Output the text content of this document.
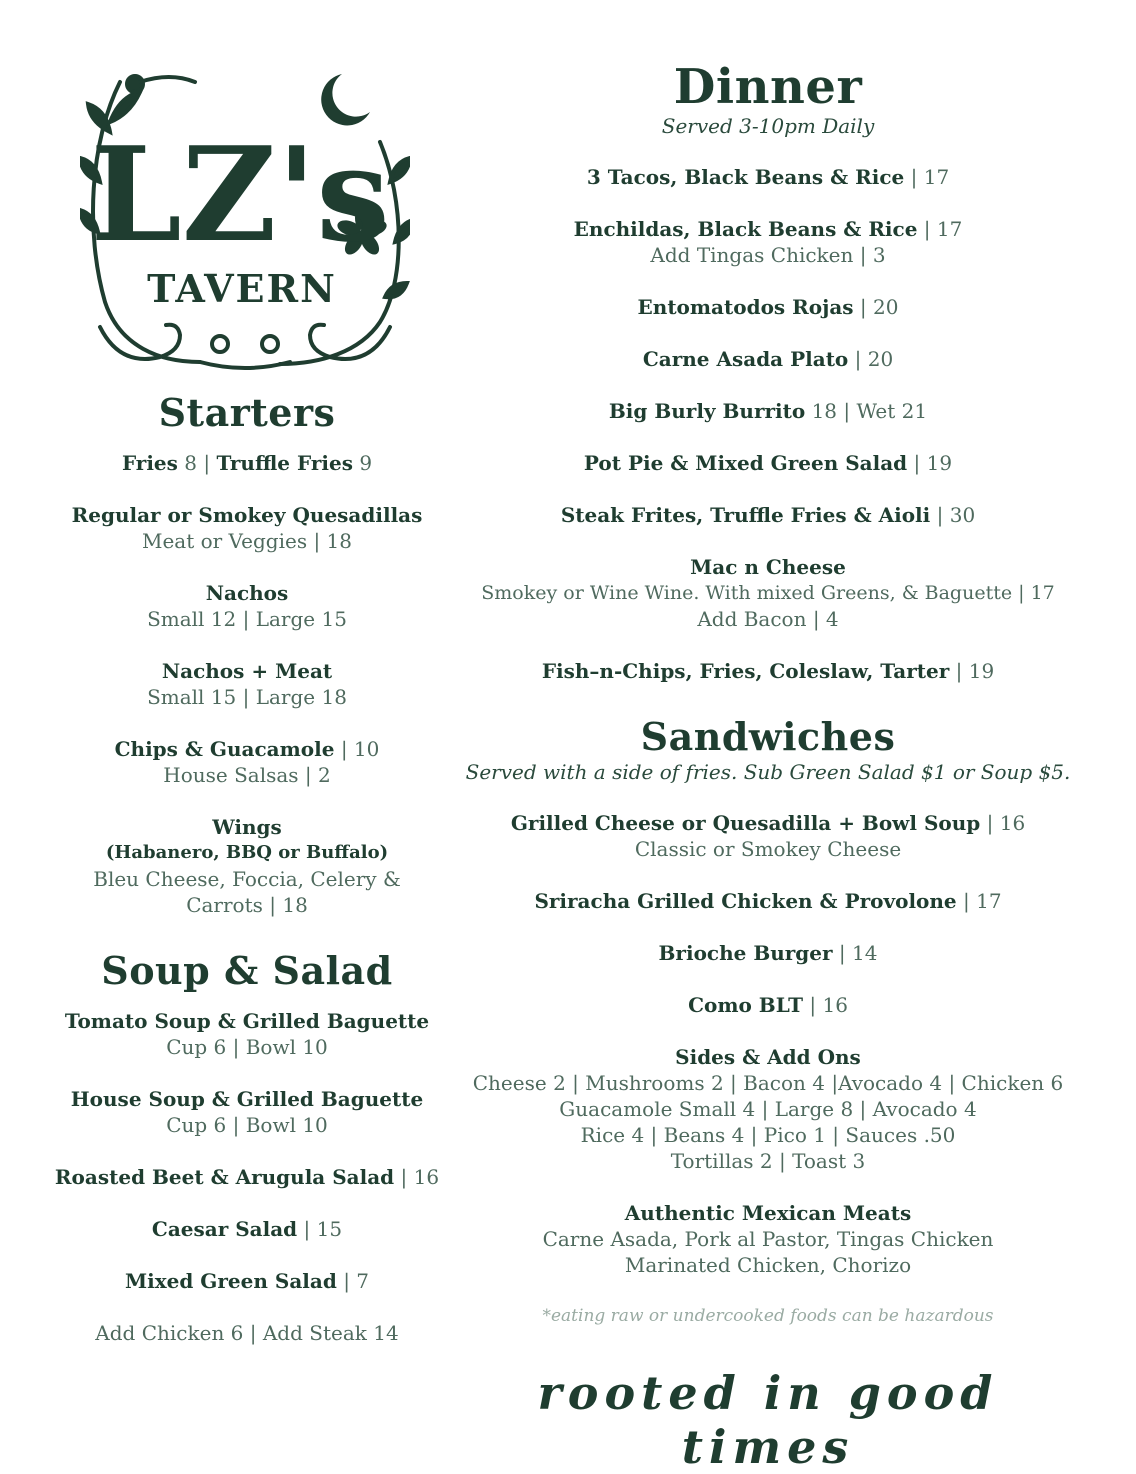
LZ's
TAVERN
Starters
Fries 8 | Truffle Fries 9
Regular or Smokey Quesadillas
Meat or Veggies | 18
Nachos
Small 12 | Large 15
Nachos + Meat
Small 15 | Large 18
Chips & Guacamole | 10
House Salsas | 2
Wings
(Habanero, BBQ or Buffalo)
Bleu Cheese, Foccia, Celery &
Carrots | 18
Soup & Salad
Tomato Soup & Grilled Baguette
Cup 6 | Bowl 10
House Soup & Grilled Baguette
Cup 6 | Bowl 10
Roasted Beet & Arugula Salad | 16
Caesar Salad | 15
Mixed Green Salad | 7
Add Chicken 6 | Add Steak 14
Dinner
Served 3-10pm Daily
3 Tacos, Black Beans & Rice | 17
Enchildas, Black Beans & Rice | 17
Add Tingas Chicken | 3
Entomatodos Rojas | 20
Carne Asada Plato | 20
Big Burly Burrito 18 | Wet 21
Pot Pie & Mixed Green Salad | 19
Steak Frites, Truffle Fries & Aioli | 30
Mac n Cheese
Smokey or Wine Wine. With mixed Greens, & Baguette | 17
Add Bacon | 4
Fish–n-Chips, Fries, Coleslaw, Tarter | 19
Sandwiches
Served with a side of fries. Sub Green Salad $1 or Soup $5.
Grilled Cheese or Quesadilla + Bowl Soup | 16
Classic or Smokey Cheese
Sriracha Grilled Chicken & Provolone | 17
Brioche Burger | 14
Como BLT | 16
Sides & Add Ons
Cheese 2 | Mushrooms 2 | Bacon 4 |Avocado 4 | Chicken 6
Guacamole Small 4 | Large 8 | Avocado 4
Rice 4 | Beans 4 | Pico 1 | Sauces .50
Tortillas 2 | Toast 3
Authentic Mexican Meats
Carne Asada, Pork al Pastor, Tingas Chicken
Marinated Chicken, Chorizo
*eating raw or undercooked foods can be hazardous
rooted in good times
